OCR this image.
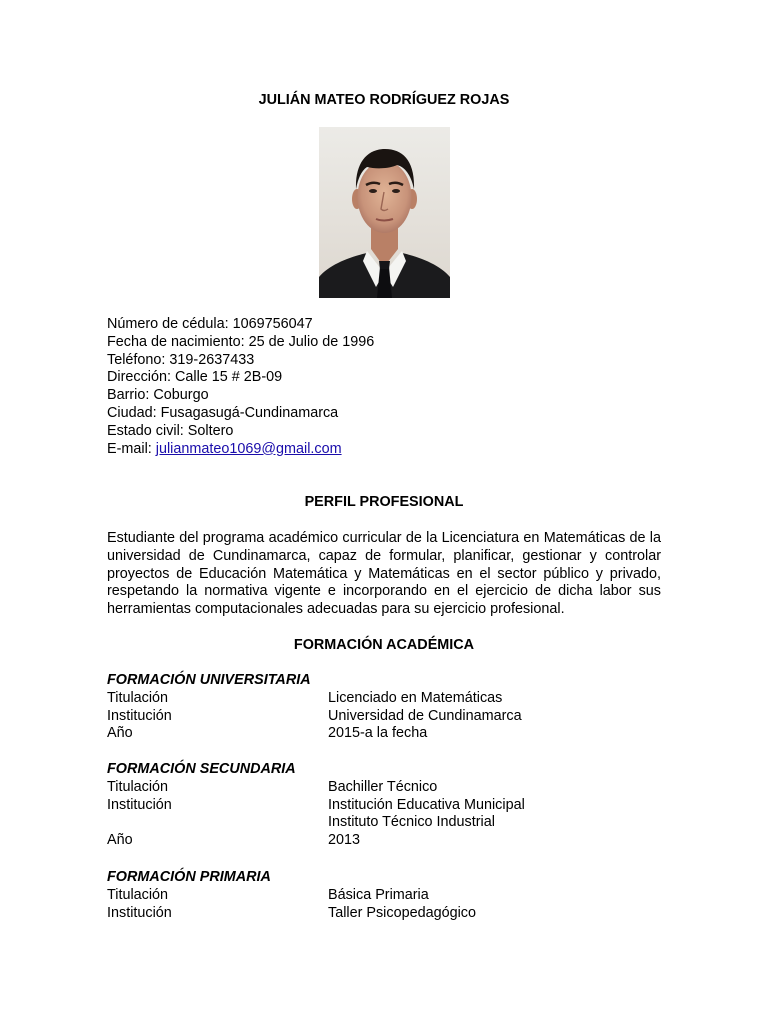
JULIÁN MATEO RODRÍGUEZ ROJAS
Número de cédula: 1069756047
Fecha de nacimiento: 25 de Julio de 1996
Teléfono: 319-2637433
Dirección: Calle 15 # 2B-09
Barrio: Coburgo
Ciudad: Fusagasugá-Cundinamarca
Estado civil: Soltero
E-mail: julianmateo1069@gmail.com
PERFIL PROFESIONAL
Estudiante del programa académico curricular de la Licenciatura en Matemáticas de la universidad de Cundinamarca, capaz de formular, planificar, gestionar y controlar proyectos de Educación Matemática y Matemáticas en el sector público y privado, respetando la normativa vigente e incorporando en el ejercicio de dicha labor sus herramientas computacionales adecuadas para su ejercicio profesional.
FORMACIÓN ACADÉMICA
FORMACIÓN UNIVERSITARIA
Titulación	Licenciado en Matemáticas
Institución	Universidad de Cundinamarca
Año	2015-a la fecha
FORMACIÓN SECUNDARIA
Titulación	Bachiller Técnico
Institución	Institución Educativa Municipal
Instituto Técnico Industrial
Año	2013
FORMACIÓN PRIMARIA
Titulación	Básica Primaria
Institución	Taller Psicopedagógico
